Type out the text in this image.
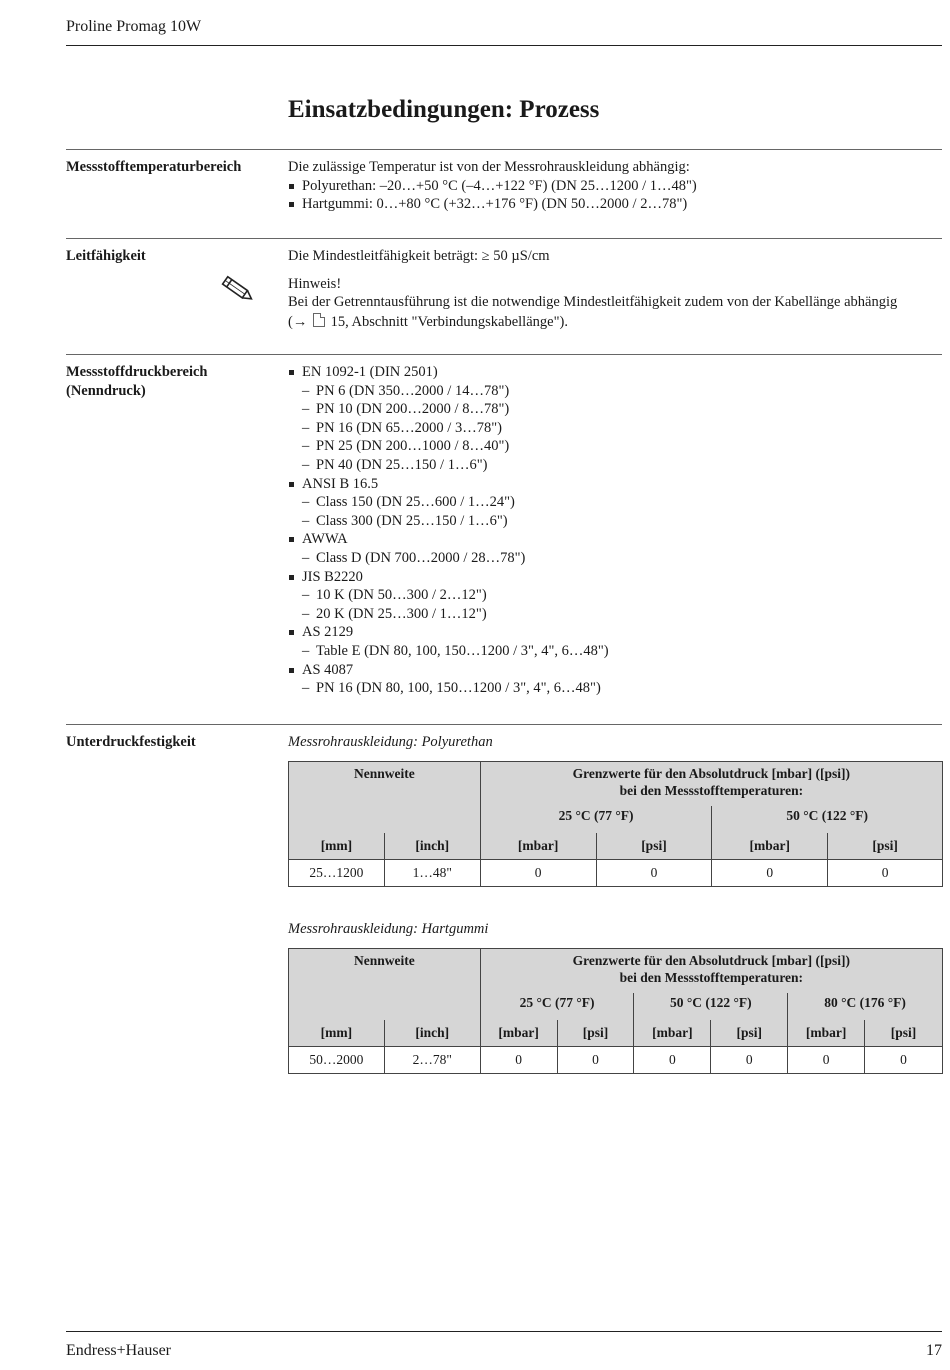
Proline Promag 10W
Einsatzbedingungen: Prozess
Messstofftemperaturbereich	Die zulässige Temperatur ist von der Messrohrauskleidung abhängig:

Polyurethan: –20…+50 °C (–4…+122 °F) (DN 25…1200 / 1…48")
Hartgummi: 0…+80 °C (+32…+176 °F) (DN 50…2000 / 2…78")
Leitfähigkeit	Die Mindestleitfähigkeit beträgt: ≥ 50 µS/cm

Hinweis!
Bei der Getrenntausführung ist die notwendige Mindestleitfähigkeit zudem von der Kabellänge abhängig
(→ 15, Abschnitt "Verbindungskabellänge").
Messstoffdruckbereich
(Nenndruck)
EN 1092-1 (DIN 2501)
– PN 6 (DN 350…2000 / 14…78")
– PN 10 (DN 200…2000 / 8…78")
– PN 16 (DN 65…2000 / 3…78")
– PN 25 (DN 200…1000 / 8…40")
– PN 40 (DN 25…150 / 1…6")
ANSI B 16.5
– Class 150 (DN 25…600 / 1…24")
– Class 300 (DN 25…150 / 1…6")
AWWA
– Class D (DN 700…2000 / 28…78")
JIS B2220
– 10 K (DN 50…300 / 2…12")
– 20 K (DN 25…300 / 1…12")
AS 2129
– Table E (DN 80, 100, 150…1200 / 3", 4", 6…48")
AS 4087
– PN 16 (DN 80, 100, 150…1200 / 3", 4", 6…48")
Unterdruckfestigkeit	Messrohrauskleidung: Polyurethan
Nennweite		Grenzwerte für den Absolutdruck [mbar] ([psi])
bei den Messstofftemperaturen:			

		25 °C (77 °F)		50 °C (122 °F)	
[mm]	[inch]	[mbar]	[psi]	[mbar]	[psi]
25…1200	1…48"	0	0	0	0
Messrohrauskleidung: Hartgummi
Nennweite		Grenzwerte für den Absolutdruck [mbar] ([psi])
bei den Messstofftemperaturen:					

		25 °C (77 °F)		50 °C (122 °F)		80 °C (176 °F)	
[mm]	[inch]	[mbar]	[psi]	[mbar]	[psi]	[mbar]	[psi]
50…2000	2…78"	0	0	0	0	0	0
Endress+Hauser	17
